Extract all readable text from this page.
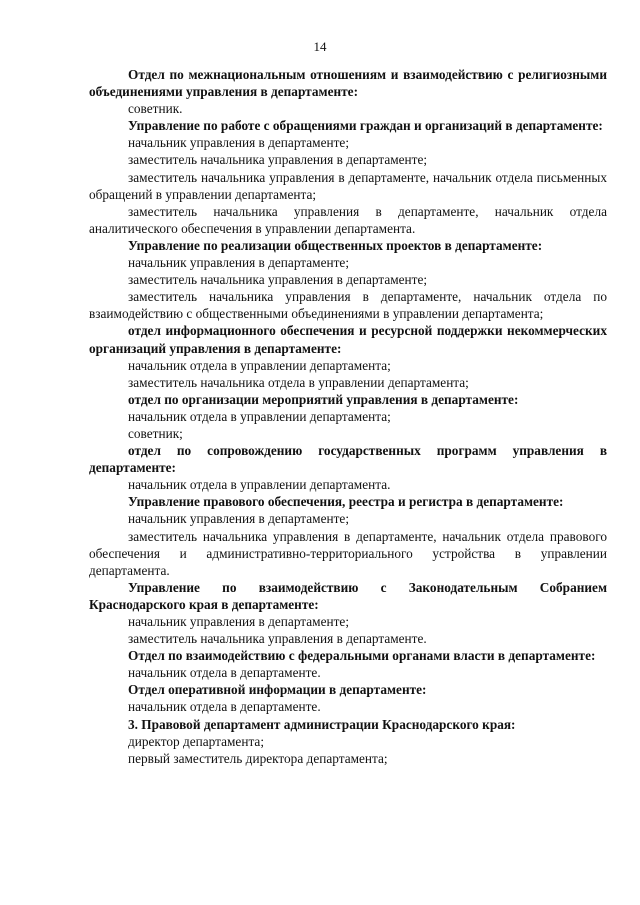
14

Отдел по межнациональным отношениям и взаимодействию с религиозными объединениями управления в департаменте:

советник.

Управление по работе с обращениями граждан и организаций в департаменте:

начальник управления в департаменте;

заместитель начальника управления в департаменте;

заместитель начальника управления в департаменте, начальник отдела письменных обращений в управлении департамента;

заместитель начальника управления в департаменте, начальник отдела аналитического обеспечения в управлении департамента.

Управление по реализации общественных проектов в департаменте:

начальник управления в департаменте;

заместитель начальника управления в департаменте;

заместитель начальника управления в департаменте, начальник отдела по взаимодействию с общественными объединениями в управлении департамента;

отдел информационного обеспечения и ресурсной поддержки некоммерческих организаций управления в департаменте:

начальник отдела в управлении департамента;

заместитель начальника отдела в управлении департамента;

отдел по организации мероприятий управления в департаменте:

начальник отдела в управлении департамента;

советник;

отдел по сопровождению государственных программ управления в департаменте:

начальник отдела в управлении департамента.

Управление правового обеспечения, реестра и регистра в департаменте:

начальник управления в департаменте;

заместитель начальника управления в департаменте, начальник отдела правового обеспечения и административно-территориального устройства в управлении департамента.

Управление по взаимодействию с Законодательным Собранием Краснодарского края в департаменте:

начальник управления в департаменте;

заместитель начальника управления в департаменте.

Отдел по взаимодействию с федеральными органами власти в департаменте:

начальник отдела в департаменте.

Отдел оперативной информации в департаменте:

начальник отдела в департаменте.

3. Правовой департамент администрации Краснодарского края:

директор департамента;

первый заместитель директора департамента;
